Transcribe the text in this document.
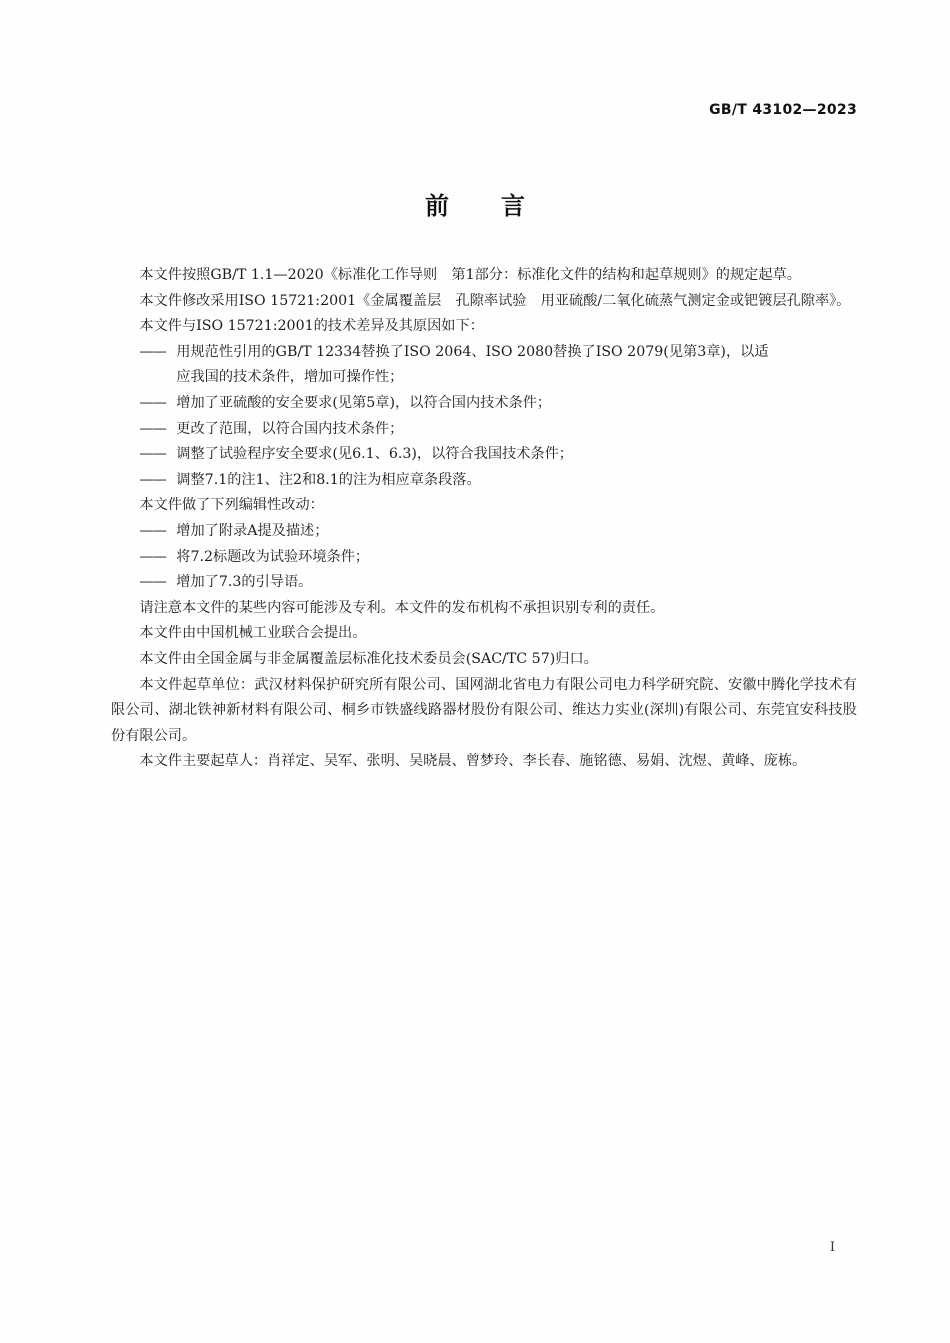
GB/T 43102—2023
前言

本文件按照GB/T 1.1—2020《标准化工作导则　第1部分：标准化文件的结构和起草规则》的规定起草。

本文件修改采用ISO 15721:2001《金属覆盖层　孔隙率试验　用亚硫酸/二氧化硫蒸气测定金或钯镀层孔隙率》。

本文件与ISO 15721:2001的技术差异及其原因如下：

—— 用规范性引用的GB/T 12334替换了ISO 2064、ISO 2080替换了ISO 2079(见第3章)，以适
应我国的技术条件，增加可操作性；

—— 增加了亚硫酸的安全要求(见第5章)，以符合国内技术条件；

—— 更改了范围，以符合国内技术条件；

—— 调整了试验程序安全要求(见6.1、6.3)，以符合我国技术条件；

—— 调整7.1的注1、注2和8.1的注为相应章条段落。

本文件做了下列编辑性改动：

—— 增加了附录A提及描述；

—— 将7.2标题改为试验环境条件；

—— 增加了7.3的引导语。

请注意本文件的某些内容可能涉及专利。本文件的发布机构不承担识别专利的责任。

本文件由中国机械工业联合会提出。

本文件由全国金属与非金属覆盖层标准化技术委员会(SAC/TC 57)归口。

本文件起草单位：武汉材料保护研究所有限公司、国网湖北省电力有限公司电力科学研究院、安徽中腾化学技术有限公司、湖北铁神新材料有限公司、桐乡市铁盛线路器材股份有限公司、维达力实业(深圳)有限公司、东莞宜安科技股份有限公司。

本文件主要起草人：肖祥定、吴军、张明、吴晓晨、曾梦玲、李长春、施铭德、易娟、沈煜、黄峰、庞栋。

I
